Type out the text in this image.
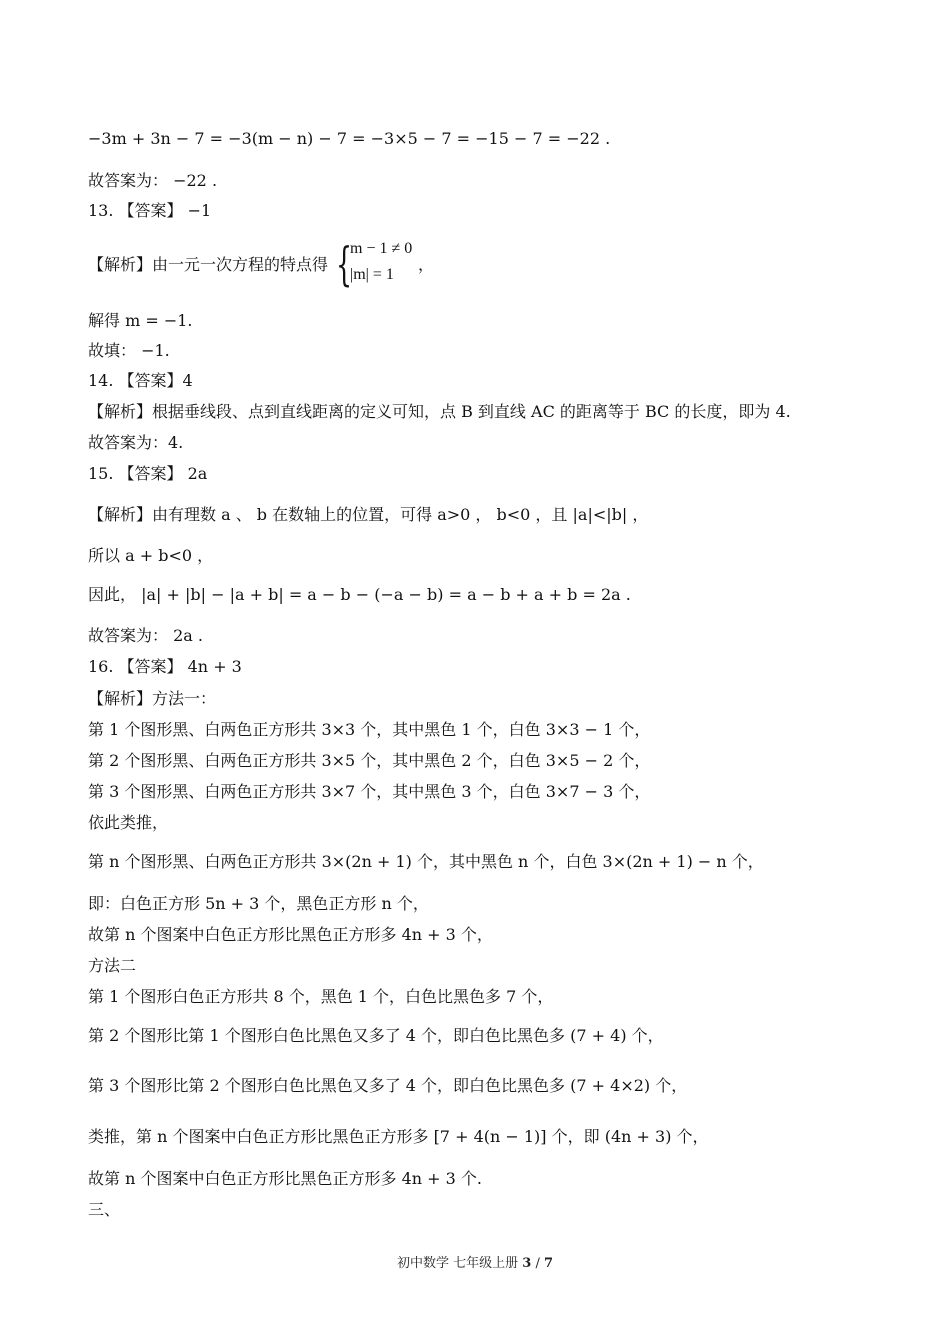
−3m + 3n − 7 = −3(m − n) − 7 = −3×5 − 7 = −15 − 7 = −22 .
故答案为： −22 .
13. 【答案】 −1
解得 m = −1.
故填： −1.
14. 【答案】4
【解析】根据垂线段、点到直线距离的定义可知，点 B 到直线 AC 的距离等于 BC 的长度，即为 4.
故答案为：4.
15. 【答案】 2a
【解析】由有理数 a 、 b 在数轴上的位置，可得 a>0 ， b<0 ，且 |a|<|b| ，
所以 a + b<0 ，
因此， |a| + |b| − |a + b| = a − b − (−a − b) = a − b + a + b = 2a .
故答案为： 2a .
16. 【答案】 4n + 3
【解析】方法一：
第 1 个图形黑、白两色正方形共 3×3 个，其中黑色 1 个，白色 3×3 − 1 个，
第 2 个图形黑、白两色正方形共 3×5 个，其中黑色 2 个，白色 3×5 − 2 个，
第 3 个图形黑、白两色正方形共 3×7 个，其中黑色 3 个，白色 3×7 − 3 个，
依此类推，
第 n 个图形黑、白两色正方形共 3×(2n + 1) 个，其中黑色 n 个，白色 3×(2n + 1) − n 个，
即：白色正方形 5n + 3 个，黑色正方形 n 个，
故第 n 个图案中白色正方形比黑色正方形多 4n + 3 个，
方法二
第 1 个图形白色正方形共 8 个，黑色 1 个，白色比黑色多 7 个，
第 2 个图形比第 1 个图形白色比黑色又多了 4 个，即白色比黑色多 (7 + 4) 个，
第 3 个图形比第 2 个图形白色比黑色又多了 4 个，即白色比黑色多 (7 + 4×2) 个，
类推，第 n 个图案中白色正方形比黑色正方形多 [7 + 4(n − 1)] 个，即 (4n + 3) 个，
故第 n 个图案中白色正方形比黑色正方形多 4n + 3 个.
三、
【解析】由一元一次方程的特点得 {
m − 1 ≠ 0
|m| = 1
，
初中数学 七年级上册 3 / 7
